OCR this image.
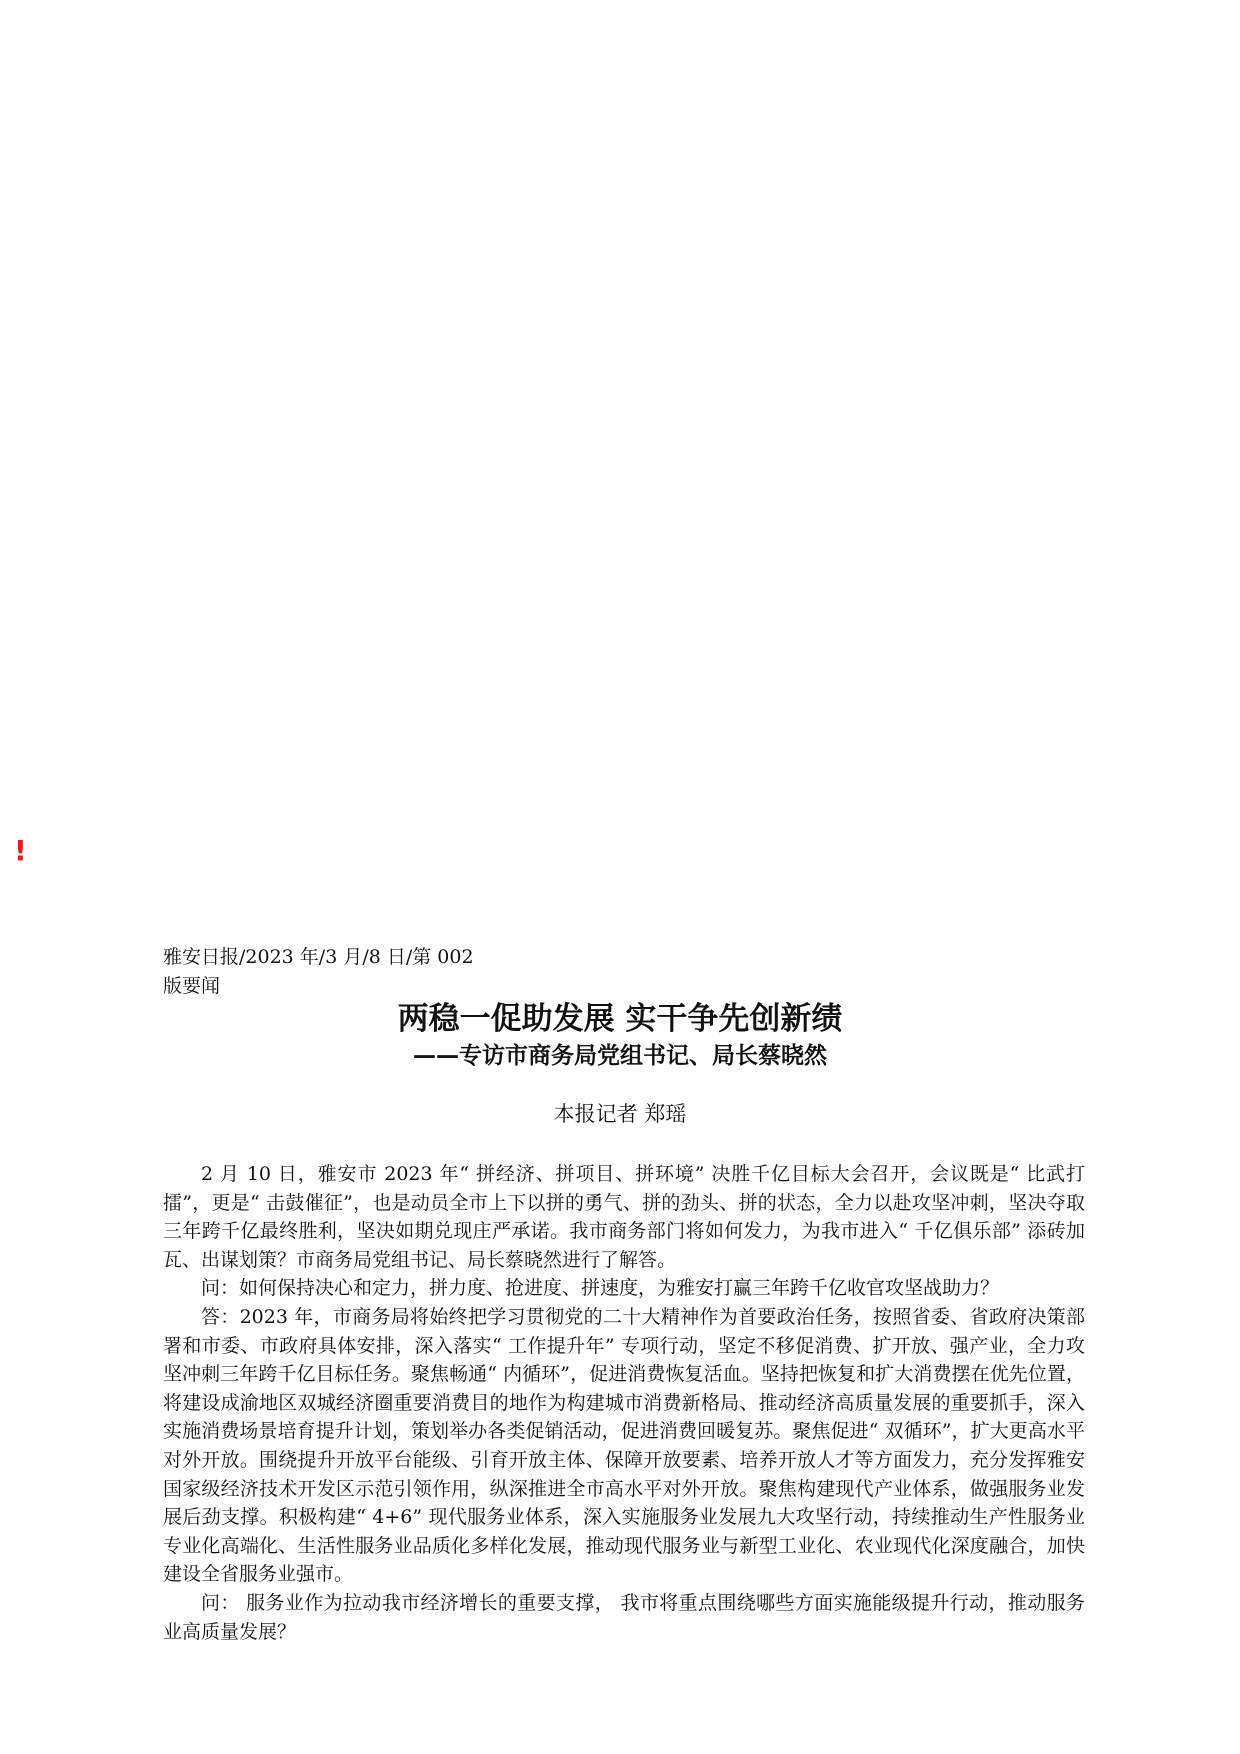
!
雅安日报/2023 年/3 月/8 日/第 002
版要闻
两稳一促助发展 实干争先创新绩
——专访市商务局党组书记、局长蔡晓然
本报记者 郑瑶

2 月 10 日，雅安市 2023 年“ 拼经济、拼项目、拼环境” 决胜千亿目标大会召开，会议既是“ 比武打擂”，更是“ 击鼓催征”，也是动员全市上下以拼的勇气、拼的劲头、拼的状态，全力以赴攻坚冲刺，坚决夺取三年跨千亿最终胜利，坚决如期兑现庄严承诺。我市商务部门将如何发力，为我市进入“ 千亿俱乐部” 添砖加瓦、出谋划策？市商务局党组书记、局长蔡晓然进行了解答。

问：如何保持决心和定力，拼力度、抢进度、拼速度，为雅安打赢三年跨千亿收官攻坚战助力？

答：2023 年，市商务局将始终把学习贯彻党的二十大精神作为首要政治任务，按照省委、省政府决策部署和市委、市政府具体安排，深入落实“ 工作提升年” 专项行动，坚定不移促消费、扩开放、强产业，全力攻坚冲刺三年跨千亿目标任务。聚焦畅通“ 内循环”，促进消费恢复活血。坚持把恢复和扩大消费摆在优先位置，将建设成渝地区双城经济圈重要消费目的地作为构建城市消费新格局、推动经济高质量发展的重要抓手，深入实施消费场景培育提升计划，策划举办各类促销活动，促进消费回暖复苏。聚焦促进“ 双循环”，扩大更高水平对外开放。围绕提升开放平台能级、引育开放主体、保障开放要素、培养开放人才等方面发力，充分发挥雅安国家级经济技术开发区示范引领作用，纵深推进全市高水平对外开放。聚焦构建现代产业体系，做强服务业发展后劲支撑。积极构建“ 4+6” 现代服务业体系，深入实施服务业发展九大攻坚行动，持续推动生产性服务业专业化高端化、生活性服务业品质化多样化发展，推动现代服务业与新型工业化、农业现代化深度融合，加快建设全省服务业强市。

问： 服务业作为拉动我市经济增长的重要支撑， 我市将重点围绕哪些方面实施能级提升行动，推动服务业高质量发展？
